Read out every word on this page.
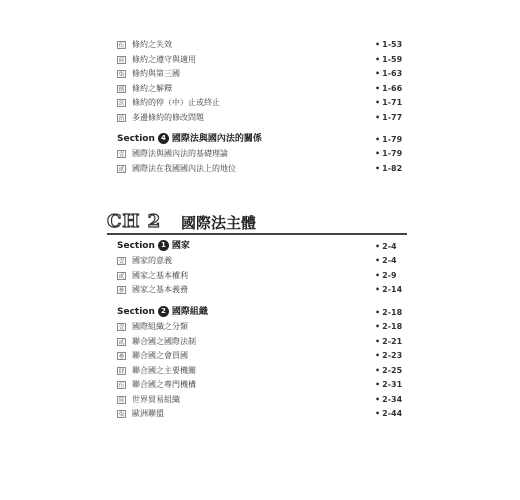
伍 條約之失效	• 1-53
陸 條約之遵守與適用	• 1-59
柒 條約與第三國	• 1-63
捌 條約之解釋	• 1-66
玖 條約的停（中）止或終止	• 1-71
拾 多邊條約的修改問題	• 1-77
Section 4 國際法與國內法的關係	• 1-79
壹 國際法與國內法的基礎理論	• 1-79
貳 國際法在我國國內法上的地位	• 1-82
CH 2 國際法主體
Section 1 國家	• 2-4
壹 國家的意義	• 2-4
貳 國家之基本權利	• 2-9
參 國家之基本義務	• 2-14
Section 2 國際組織	• 2-18
壹 國際組織之分類	• 2-18
貳 聯合國之國際法制	• 2-21
參 聯合國之會員國	• 2-23
肆 聯合國之主要機關	• 2-25
伍 聯合國之專門機構	• 2-31
陸 世界貿易組織	• 2-34
柒 歐洲聯盟	• 2-44
